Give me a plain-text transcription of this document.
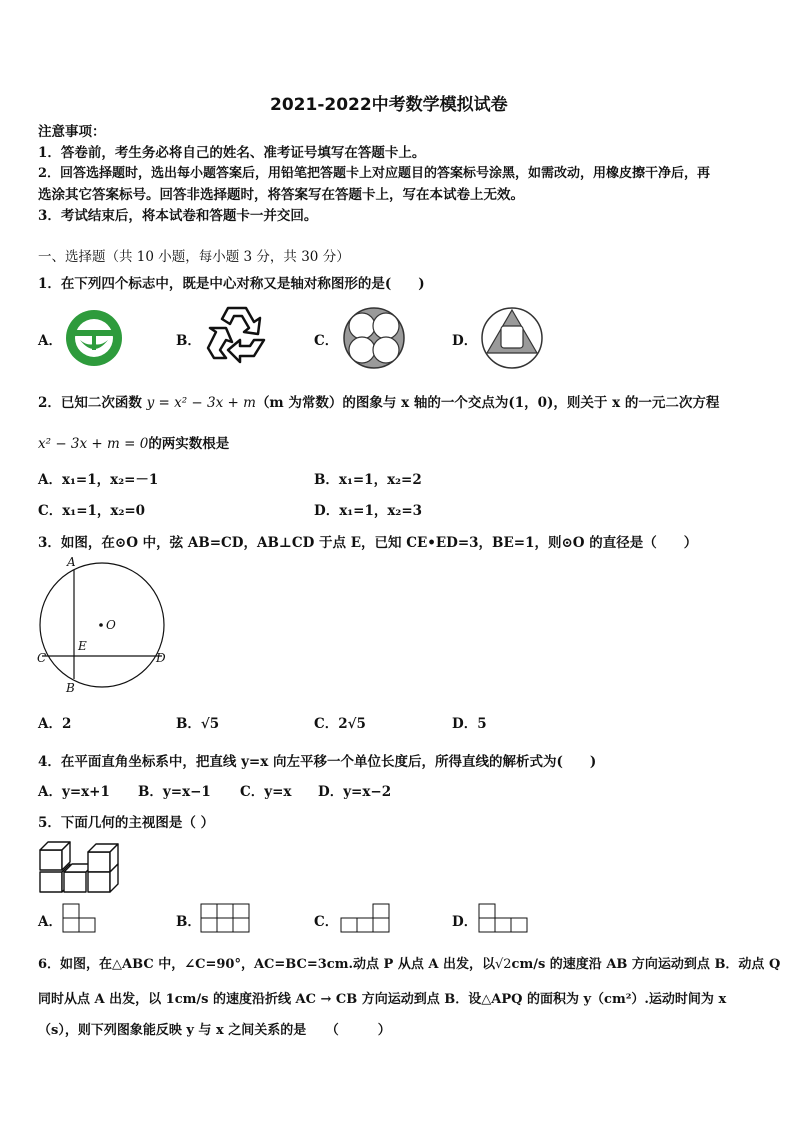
2021-2022中考数学模拟试卷
注意事项：
1．答卷前，考生务必将自己的姓名、准考证号填写在答题卡上。
2．回答选择题时，选出每小题答案后，用铅笔把答题卡上对应题目的答案标号涂黑，如需改动，用橡皮擦干净后，再
选涂其它答案标号。回答非选择题时，将答案写在答题卡上，写在本试卷上无效。
3．考试结束后，将本试卷和答题卡一并交回。
一、选择题（共 10 小题，每小题 3 分，共 30 分）
1．在下列四个标志中，既是中心对称又是轴对称图形的是(　　)
A．	B．	C．	D．
2．已知二次函数 y = x² − 3x + m（m 为常数）的图象与 x 轴的一个交点为(1，0)，则关于 x 的一元二次方程
x² − 3x + m = 0的两实数根是
A．x₁=1，x₂=－1	B．x₁=1，x₂=2
C．x₁=1，x₂=0	D．x₁=1，x₂=3
3．如图，在⊙O 中，弦 AB=CD，AB⊥CD 于点 E，已知 CE•ED=3，BE=1，则⊙O 的直径是（　　）
A
O
E
C	D
B
A．2	B．√5	C．2√5	D．5
4．在平面直角坐标系中，把直线 y=x 向左平移一个单位长度后，所得直线的解析式为(　　)
A．y=x+1 B．y=x−1 C．y=x D．y=x−2
5．下面几何的主视图是（ ）
A．	B．	C．	D．
6．如图，在△ABC 中，∠C=90°，AC=BC=3cm.动点 P 从点 A 出发，以√2cm/s 的速度沿 AB 方向运动到点 B．动点 Q
同时从点 A 出发，以 1cm/s 的速度沿折线 AC → CB 方向运动到点 B．设△APQ 的面积为 y（cm²）.运动时间为 x
（s），则下列图象能反映 y 与 x 之间关系的是　　（　　　）
